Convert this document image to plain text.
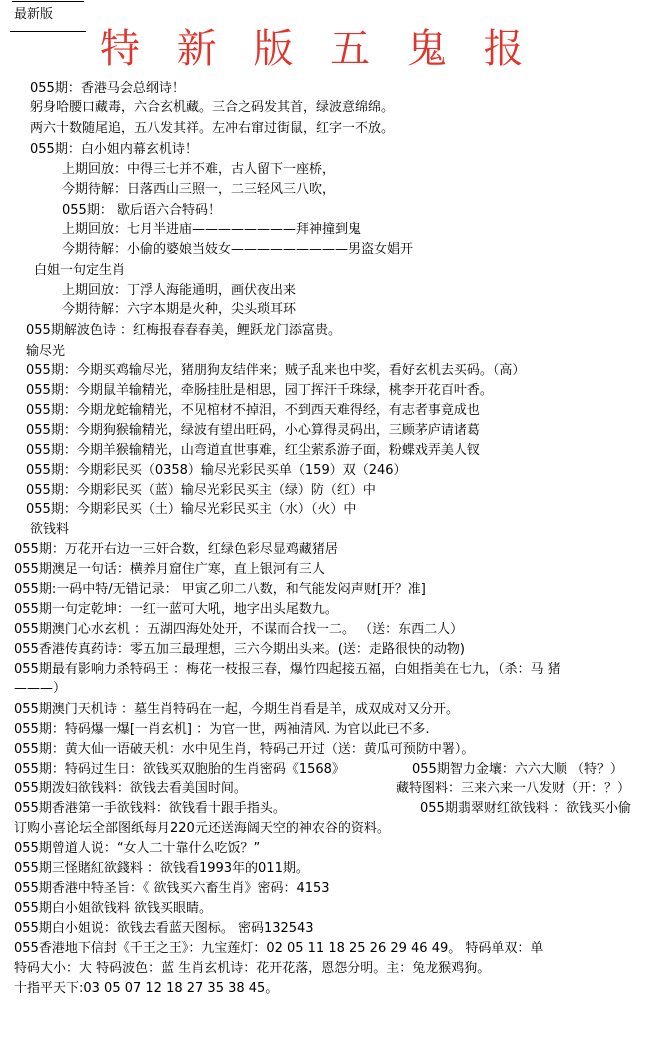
最新版
特 新 版 五 鬼 报
055期：香港马会总纲诗！
躬身哈腰口藏毒，六合玄机藏。三合之码发其首，绿波意绵绵。
两六十数随尾追，五八发其祥。左冲右窜过街鼠，红字一不放。
055期：白小姐内幕玄机诗！
上期回放：中得三七并不难，古人留下一座桥，
今期待解：日落西山三照一，二三轻风三八吹，
055期： 歇后语六合特码！
上期回放：七月半进庙————————拜神撞到鬼
今期待解：小偷的婆娘当妓女—————————男盗女娼开
白姐一句定生肖
上期回放：丁浮人海能通明，画伏夜出来
今期待解：六字本期是火种，尖头琐耳环
055期解波色诗 ：红梅报春春春美，鲤跃龙门添富贵。
输尽光
055期：今期买鸡输尽光，猪朋狗友结伴来；贼子乱来也中奖，看好玄机去买码。（高）
055期：今期鼠羊输精光，牵肠挂肚是相思，园丁挥汗千珠绿，桃李开花百叶香。
055期：今期龙蛇输精光，不见棺材不掉泪，不到西天难得经，有志者事竟成也
055期：今期狗猴输精光，绿波有望出旺码，小心算得灵码出，三顾茅庐请诸葛
055期：今期羊猴输精光，山弯道直世事难，红尘萦系游子面，粉蝶戏弄美人钗
055期：今期彩民买（0358）输尽光彩民买单（159）双（246）
055期：今期彩民买（蓝）输尽光彩民买主（绿）防（红）中
055期：今期彩民买（土）输尽光彩民买主（水）（火）中
欲钱料
055期：万花开右边一三奸合数，红绿色彩尽显鸡藏猪居
055期澳足一句话：横养月窟住广寒，直上银河有三人
055期:一码中特/无错记录： 甲寅乙卯二八数，和气能发闷声财[开？准]
055期一句定乾坤：一红一蓝可大吼，地字出头尾数九。
055期澳门心水玄机 ：五湖四海处处开，不谋而合找一二。 （送：东西二人）
055香港传真药诗：零五加三最理想，三六今期出头来。(送：走路很快的动物)
055期最有影响力杀特码王 ：梅花一枝报三春，爆竹四起接五福，白姐指美在七九，（杀：马 猪
———）
055期澳门天机诗 ：墓生肖特码在一起，今期生肖看是羊，成双成对又分开。
055期：特码爆一爆[一肖玄机] ：为官一世，两袖清风. 为官以此已不多.
055期：黄大仙一语破天机：水中见生肖，特码己开过（送：黄瓜可预防中署）。
055期：特码过生日：欲钱买双胞胎的生肖密码《1568》	055期智力金壤：六六大顺 （特？）
055期泼妇欲钱料：欲钱去看美国时间。	藏特图料：三来六来一八发财（开：？）
055期香港第一手欲钱料：欲钱看十跟手指头。	055期翡翠财红欲钱料 ：欲钱买小偷
订购小喜论坛全部图纸每月220元还送海阔天空的神农谷的资料。
055期曾道人说：“女人二十靠什么吃饭？”
055期三怪賭紅欲錢料 ：欲钱看1993年的011期。
055期香港中特圣旨：《 欲钱买六畜生肖》密码：4153
055期白小姐欲钱料 欲钱买眼睛。
055期白小姐说：欲钱去看蓝天图标。 密码132543
055香港地下信封《千王之王》：九宝莲灯：02 05 11 18 25 26 29 46 49。 特码单双：单
特码大小：大 特码波色：蓝 生肖玄机诗：花开花落，恩怨分明。主：兔龙猴鸡狗。
十指平天下:03 05 07 12 18 27 35 38 45。
